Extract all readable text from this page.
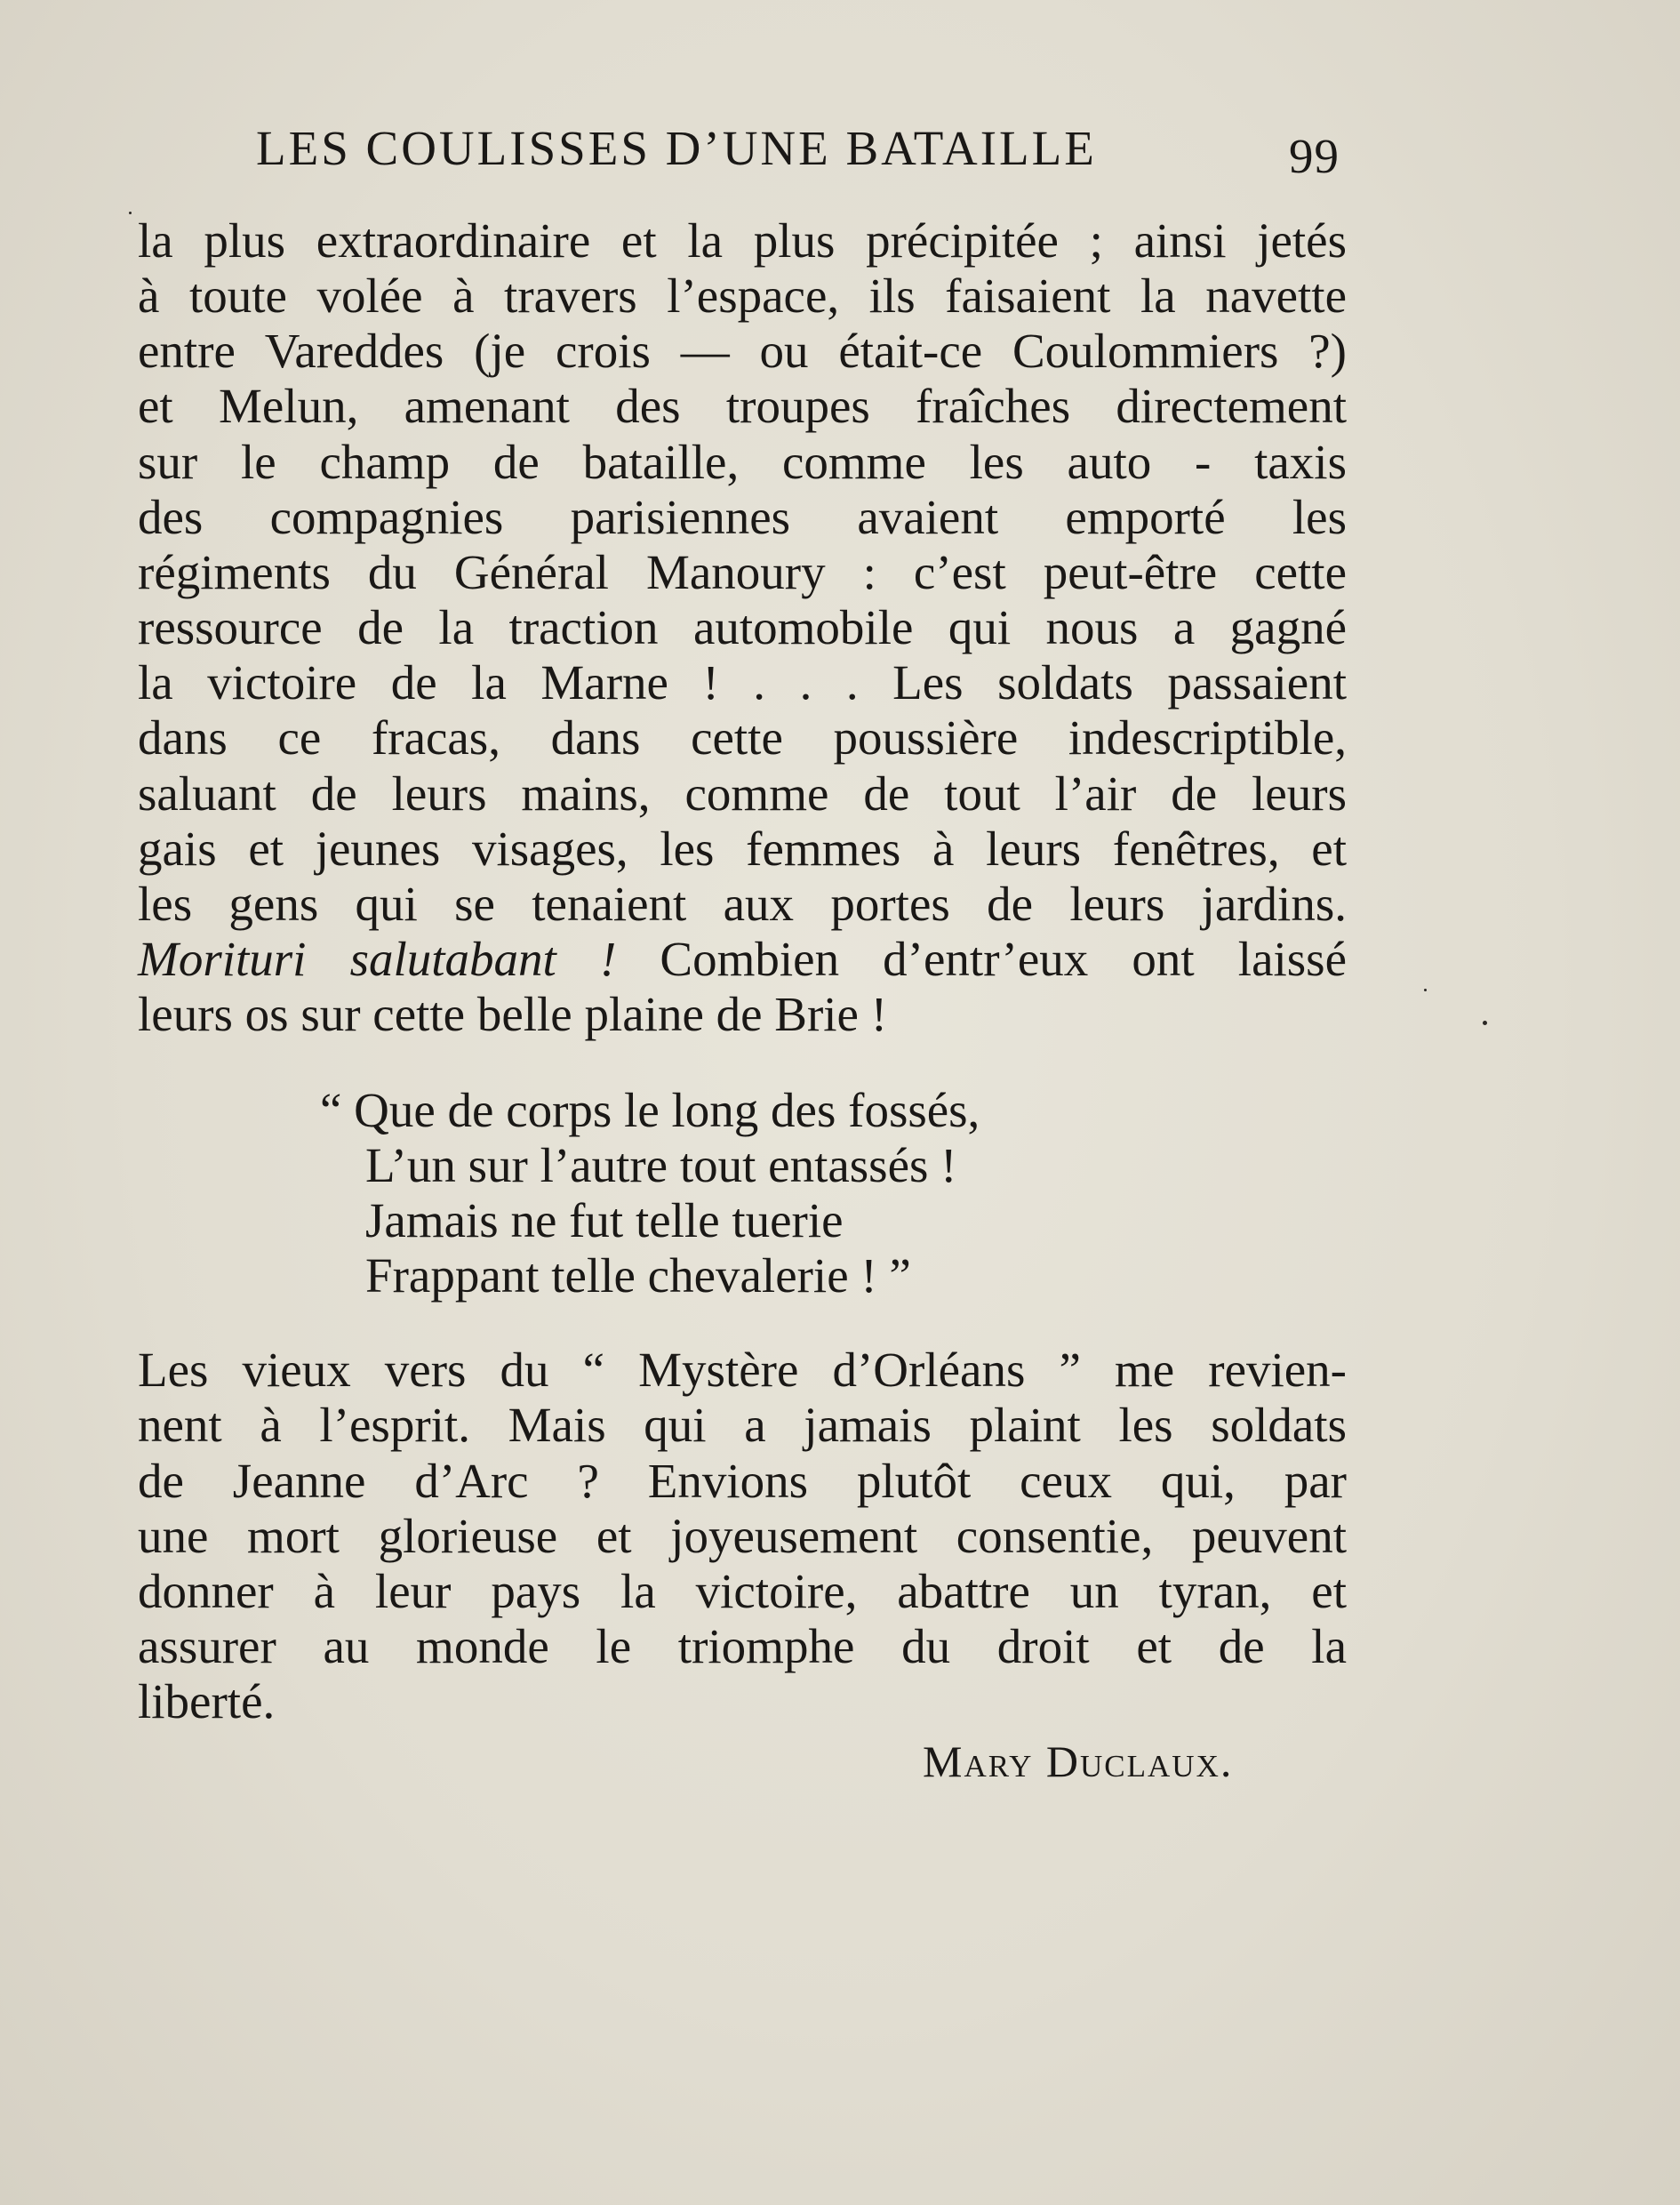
LES COULISSES D’UNE BATAILLE	99
la plus extraordinaire et la plus précipitée ; ainsi jetés
à toute volée à travers l’espace, ils faisaient la navette
entre Vareddes (je crois — ou était-ce Coulommiers ?)
et Melun, amenant des troupes fraîches directement
sur le champ de bataille, comme les auto - taxis
des compagnies parisiennes avaient emporté les
régiments du Général Manoury : c’est peut-être cette
ressource de la traction automobile qui nous a gagné
la victoire de la Marne ! . . . Les soldats passaient
dans ce fracas, dans cette poussière indescriptible,
saluant de leurs mains, comme de tout l’air de leurs
gais et jeunes visages, les femmes à leurs fenêtres, et
les gens qui se tenaient aux portes de leurs jardins.
Morituri salutabant ! Combien d’entr’eux ont laissé
leurs os sur cette belle plaine de Brie !
“ Que de corps le long des fossés,
L’un sur l’autre tout entassés !
Jamais ne fut telle tuerie
Frappant telle chevalerie ! ”
Les vieux vers du “ Mystère d’Orléans ” me revien-
nent à l’esprit. Mais qui a jamais plaint les soldats
de Jeanne d’Arc ? Envions plutôt ceux qui, par
une mort glorieuse et joyeusement consentie, peuvent
donner à leur pays la victoire, abattre un tyran, et
assurer au monde le triomphe du droit et de la
liberté.
Mary Duclaux.
